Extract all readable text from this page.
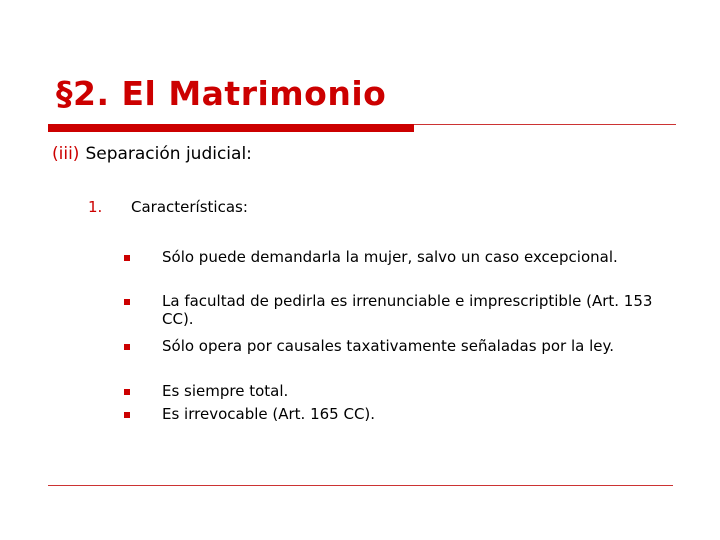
§2. El Matrimonio
(iii) Separación judicial:
1. Características:
Sólo puede demandarla la mujer, salvo un caso excepcional.
La facultad de pedirla es irrenunciable e imprescriptible (Art. 153 CC).
Sólo opera por causales taxativamente señaladas por la ley.
Es siempre total.
Es irrevocable (Art. 165 CC).
